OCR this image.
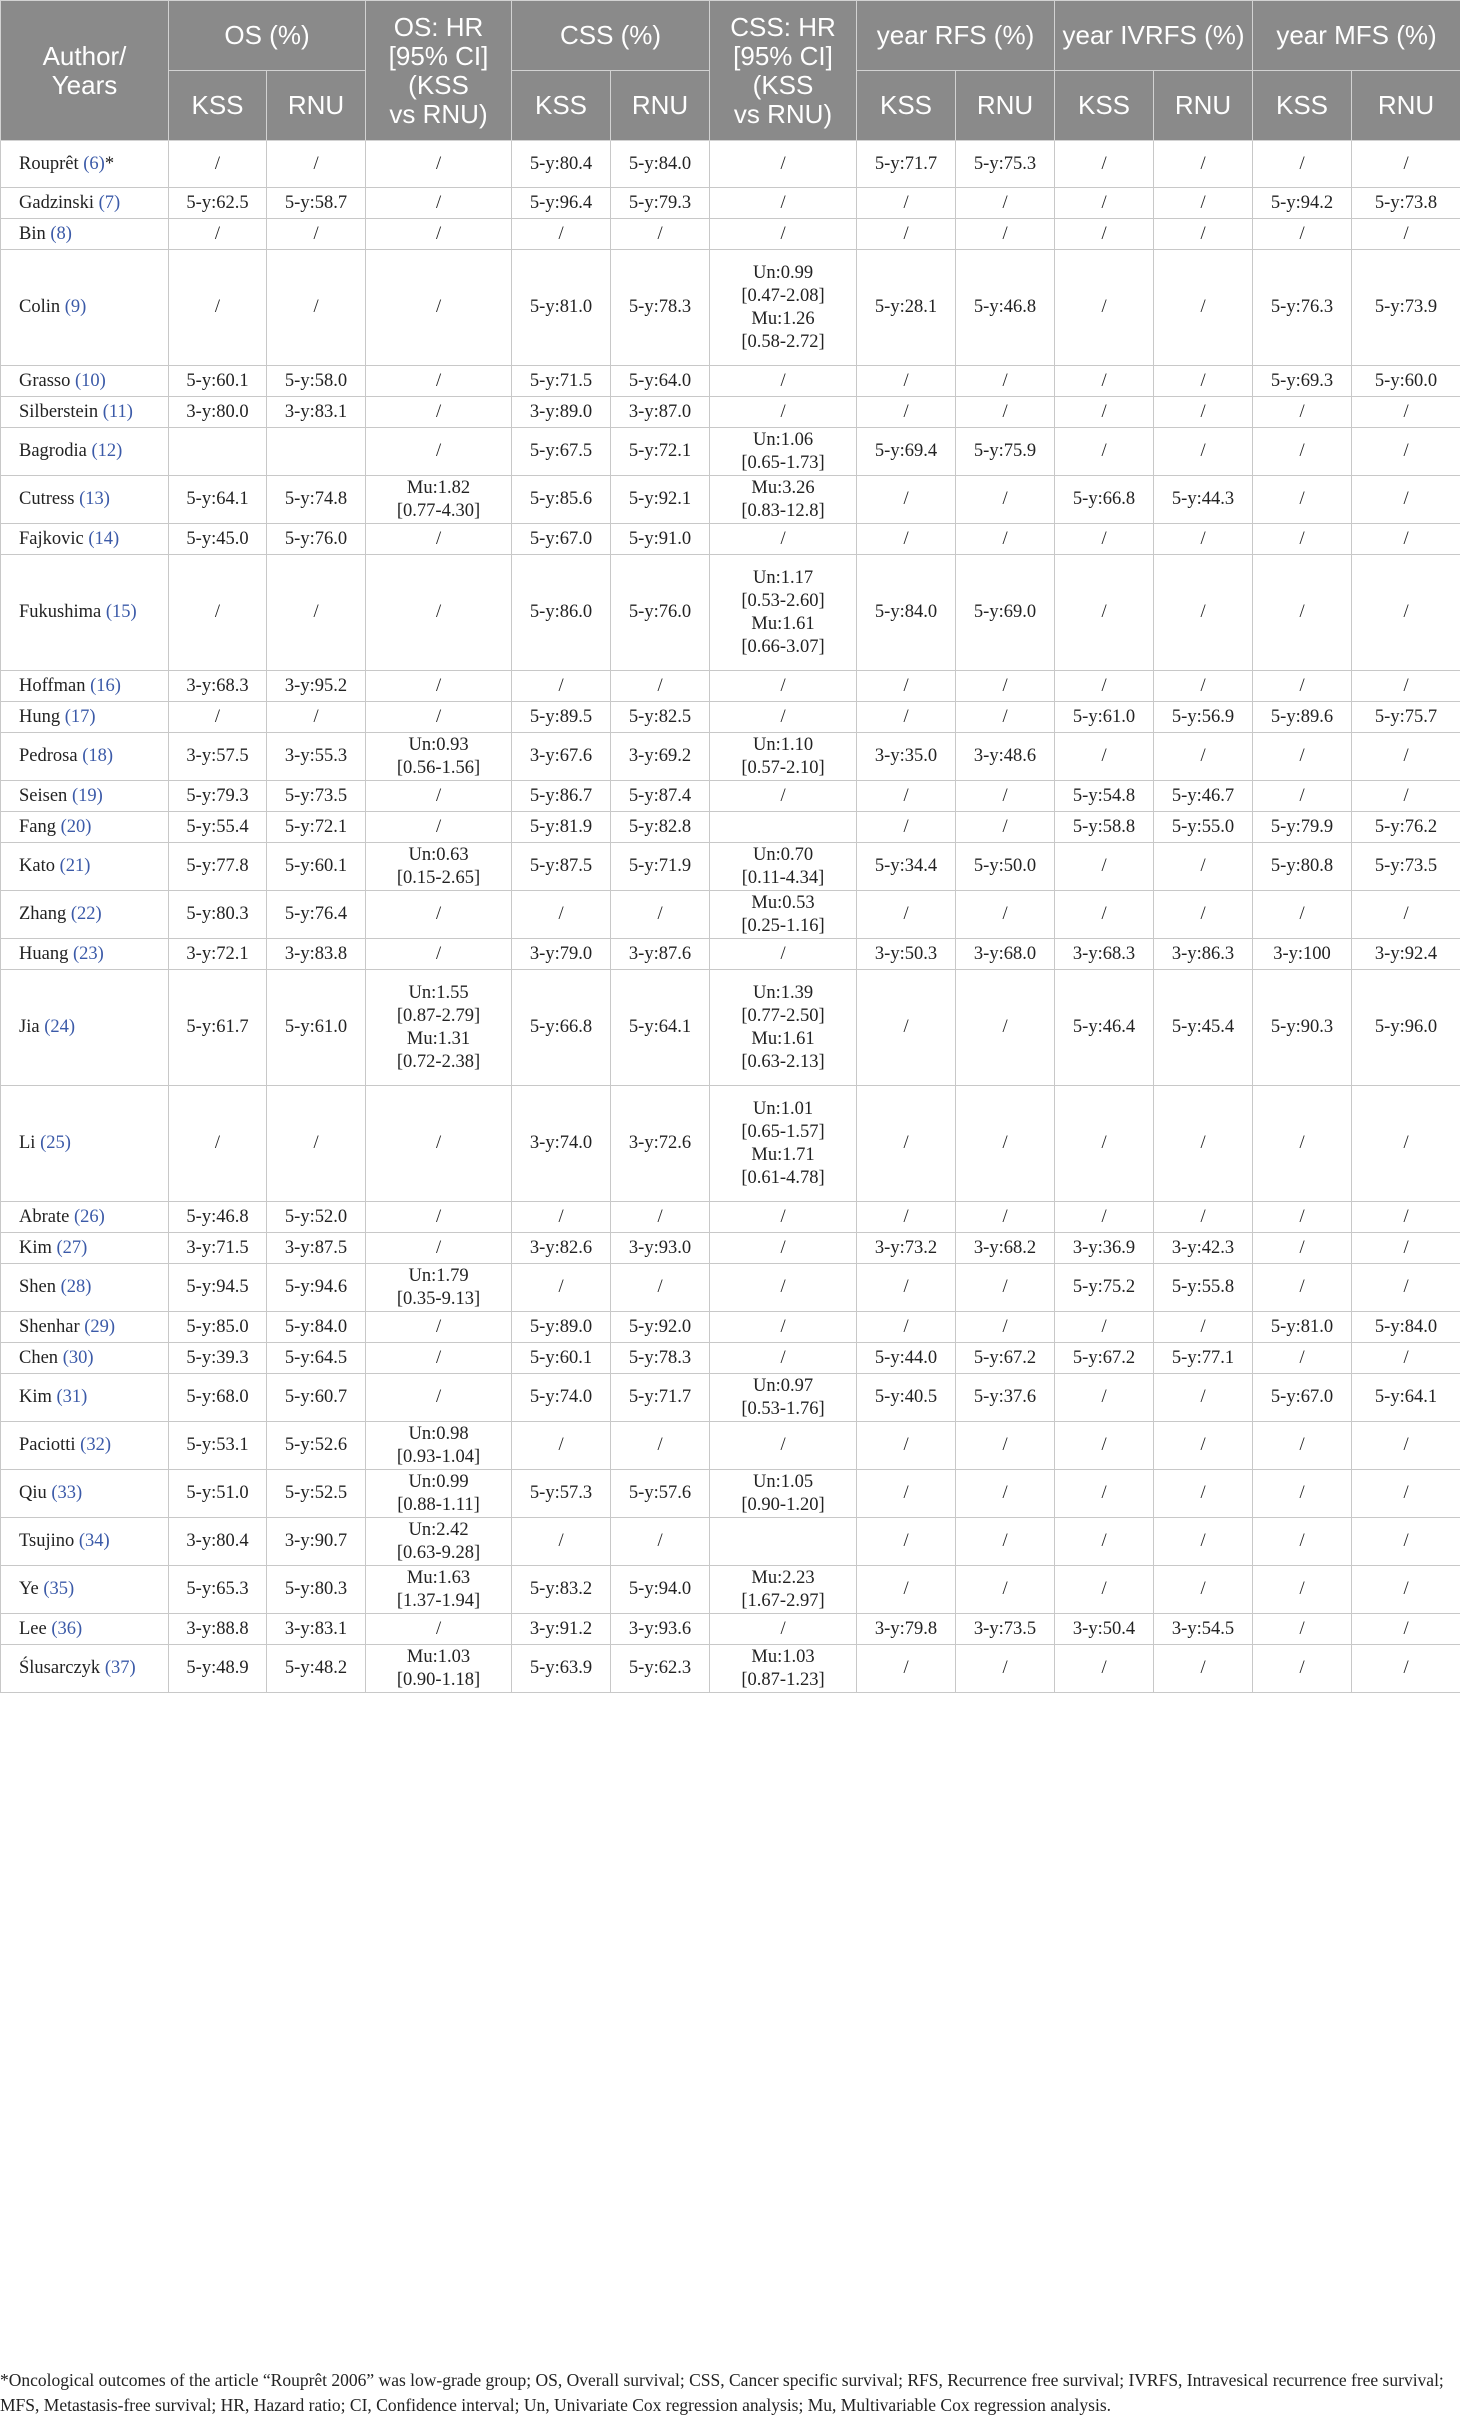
Author/
Years	OS (%)		OS: HR
[95% CI]
(KSS
vs RNU)	CSS (%)		CSS: HR
[95% CI]
(KSS
vs RNU)	year RFS (%)		year IVRFS (%)		year MFS (%)	
	KSS	RNU		KSS	RNU		KSS	RNU	KSS	RNU	KSS	RNU
Rouprêt (6)*	/	/	/	5-y:80.4	5-y:84.0	/	5-y:71.7	5-y:75.3	/	/	/	/
Gadzinski (7)	5-y:62.5	5-y:58.7	/	5-y:96.4	5-y:79.3	/	/	/	/	/	5-y:94.2	5-y:73.8
Bin (8)	/	/	/	/	/	/	/	/	/	/	/	/
Colin (9)	/	/	/	5-y:81.0	5-y:78.3	Un:0.99
[0.47-2.08]
Mu:1.26
[0.58-2.72]	5-y:28.1	5-y:46.8	/	/	5-y:76.3	5-y:73.9
Grasso (10)	5-y:60.1	5-y:58.0	/	5-y:71.5	5-y:64.0	/	/	/	/	/	5-y:69.3	5-y:60.0
Silberstein (11)	3-y:80.0	3-y:83.1	/	3-y:89.0	3-y:87.0	/	/	/	/	/	/	/
Bagrodia (12)			/	5-y:67.5	5-y:72.1	Un:1.06
[0.65-1.73]	5-y:69.4	5-y:75.9	/	/	/	/
Cutress (13)	5-y:64.1	5-y:74.8	Mu:1.82
[0.77-4.30]	5-y:85.6	5-y:92.1	Mu:3.26
[0.83-12.8]	/	/	5-y:66.8	5-y:44.3	/	/
Fajkovic (14)	5-y:45.0	5-y:76.0	/	5-y:67.0	5-y:91.0	/	/	/	/	/	/	/
Fukushima (15)	/	/	/	5-y:86.0	5-y:76.0	Un:1.17
[0.53-2.60]
Mu:1.61
[0.66-3.07]	5-y:84.0	5-y:69.0	/	/	/	/
Hoffman (16)	3-y:68.3	3-y:95.2	/	/	/	/	/	/	/	/	/	/
Hung (17)	/	/	/	5-y:89.5	5-y:82.5	/	/	/	5-y:61.0	5-y:56.9	5-y:89.6	5-y:75.7
Pedrosa (18)	3-y:57.5	3-y:55.3	Un:0.93
[0.56-1.56]	3-y:67.6	3-y:69.2	Un:1.10
[0.57-2.10]	3-y:35.0	3-y:48.6	/	/	/	/
Seisen (19)	5-y:79.3	5-y:73.5	/	5-y:86.7	5-y:87.4	/	/	/	5-y:54.8	5-y:46.7	/	/
Fang (20)	5-y:55.4	5-y:72.1	/	5-y:81.9	5-y:82.8		/	/	5-y:58.8	5-y:55.0	5-y:79.9	5-y:76.2
Kato (21)	5-y:77.8	5-y:60.1	Un:0.63
[0.15-2.65]	5-y:87.5	5-y:71.9	Un:0.70
[0.11-4.34]	5-y:34.4	5-y:50.0	/	/	5-y:80.8	5-y:73.5
Zhang (22)	5-y:80.3	5-y:76.4	/	/	/	Mu:0.53
[0.25-1.16]	/	/	/	/	/	/
Huang (23)	3-y:72.1	3-y:83.8	/	3-y:79.0	3-y:87.6	/	3-y:50.3	3-y:68.0	3-y:68.3	3-y:86.3	3-y:100	3-y:92.4
Jia (24)	5-y:61.7	5-y:61.0	Un:1.55
[0.87-2.79]
Mu:1.31
[0.72-2.38]	5-y:66.8	5-y:64.1	Un:1.39
[0.77-2.50]
Mu:1.61
[0.63-2.13]	/	/	5-y:46.4	5-y:45.4	5-y:90.3	5-y:96.0
Li (25)	/	/	/	3-y:74.0	3-y:72.6	Un:1.01
[0.65-1.57]
Mu:1.71
[0.61-4.78]	/	/	/	/	/	/
Abrate (26)	5-y:46.8	5-y:52.0	/	/	/	/	/	/	/	/	/	/
Kim (27)	3-y:71.5	3-y:87.5	/	3-y:82.6	3-y:93.0	/	3-y:73.2	3-y:68.2	3-y:36.9	3-y:42.3	/	/
Shen (28)	5-y:94.5	5-y:94.6	Un:1.79
[0.35-9.13]	/	/	/	/	/	5-y:75.2	5-y:55.8	/	/
Shenhar (29)	5-y:85.0	5-y:84.0	/	5-y:89.0	5-y:92.0	/	/	/	/	/	5-y:81.0	5-y:84.0
Chen (30)	5-y:39.3	5-y:64.5	/	5-y:60.1	5-y:78.3	/	5-y:44.0	5-y:67.2	5-y:67.2	5-y:77.1	/	/
Kim (31)	5-y:68.0	5-y:60.7	/	5-y:74.0	5-y:71.7	Un:0.97
[0.53-1.76]	5-y:40.5	5-y:37.6	/	/	5-y:67.0	5-y:64.1
Paciotti (32)	5-y:53.1	5-y:52.6	Un:0.98
[0.93-1.04]	/	/	/	/	/	/	/	/	/
Qiu (33)	5-y:51.0	5-y:52.5	Un:0.99
[0.88-1.11]	5-y:57.3	5-y:57.6	Un:1.05
[0.90-1.20]	/	/	/	/	/	/
Tsujino (34)	3-y:80.4	3-y:90.7	Un:2.42
[0.63-9.28]	/	/		/	/	/	/	/	/
Ye (35)	5-y:65.3	5-y:80.3	Mu:1.63
[1.37-1.94]	5-y:83.2	5-y:94.0	Mu:2.23
[1.67-2.97]	/	/	/	/	/	/
Lee (36)	3-y:88.8	3-y:83.1	/	3-y:91.2	3-y:93.6	/	3-y:79.8	3-y:73.5	3-y:50.4	3-y:54.5	/	/
Ślusarczyk (37)	5-y:48.9	5-y:48.2	Mu:1.03
[0.90-1.18]	5-y:63.9	5-y:62.3	Mu:1.03
[0.87-1.23]	/	/	/	/	/	/
*Oncological outcomes of the article “Rouprêt 2006” was low-grade group; OS, Overall survival; CSS, Cancer specific survival; RFS, Recurrence free survival; IVRFS, Intravesical recurrence free survival; MFS, Metastasis-free survival; HR, Hazard ratio; CI, Confidence interval; Un, Univariate Cox regression analysis; Mu, Multivariable Cox regression analysis.
